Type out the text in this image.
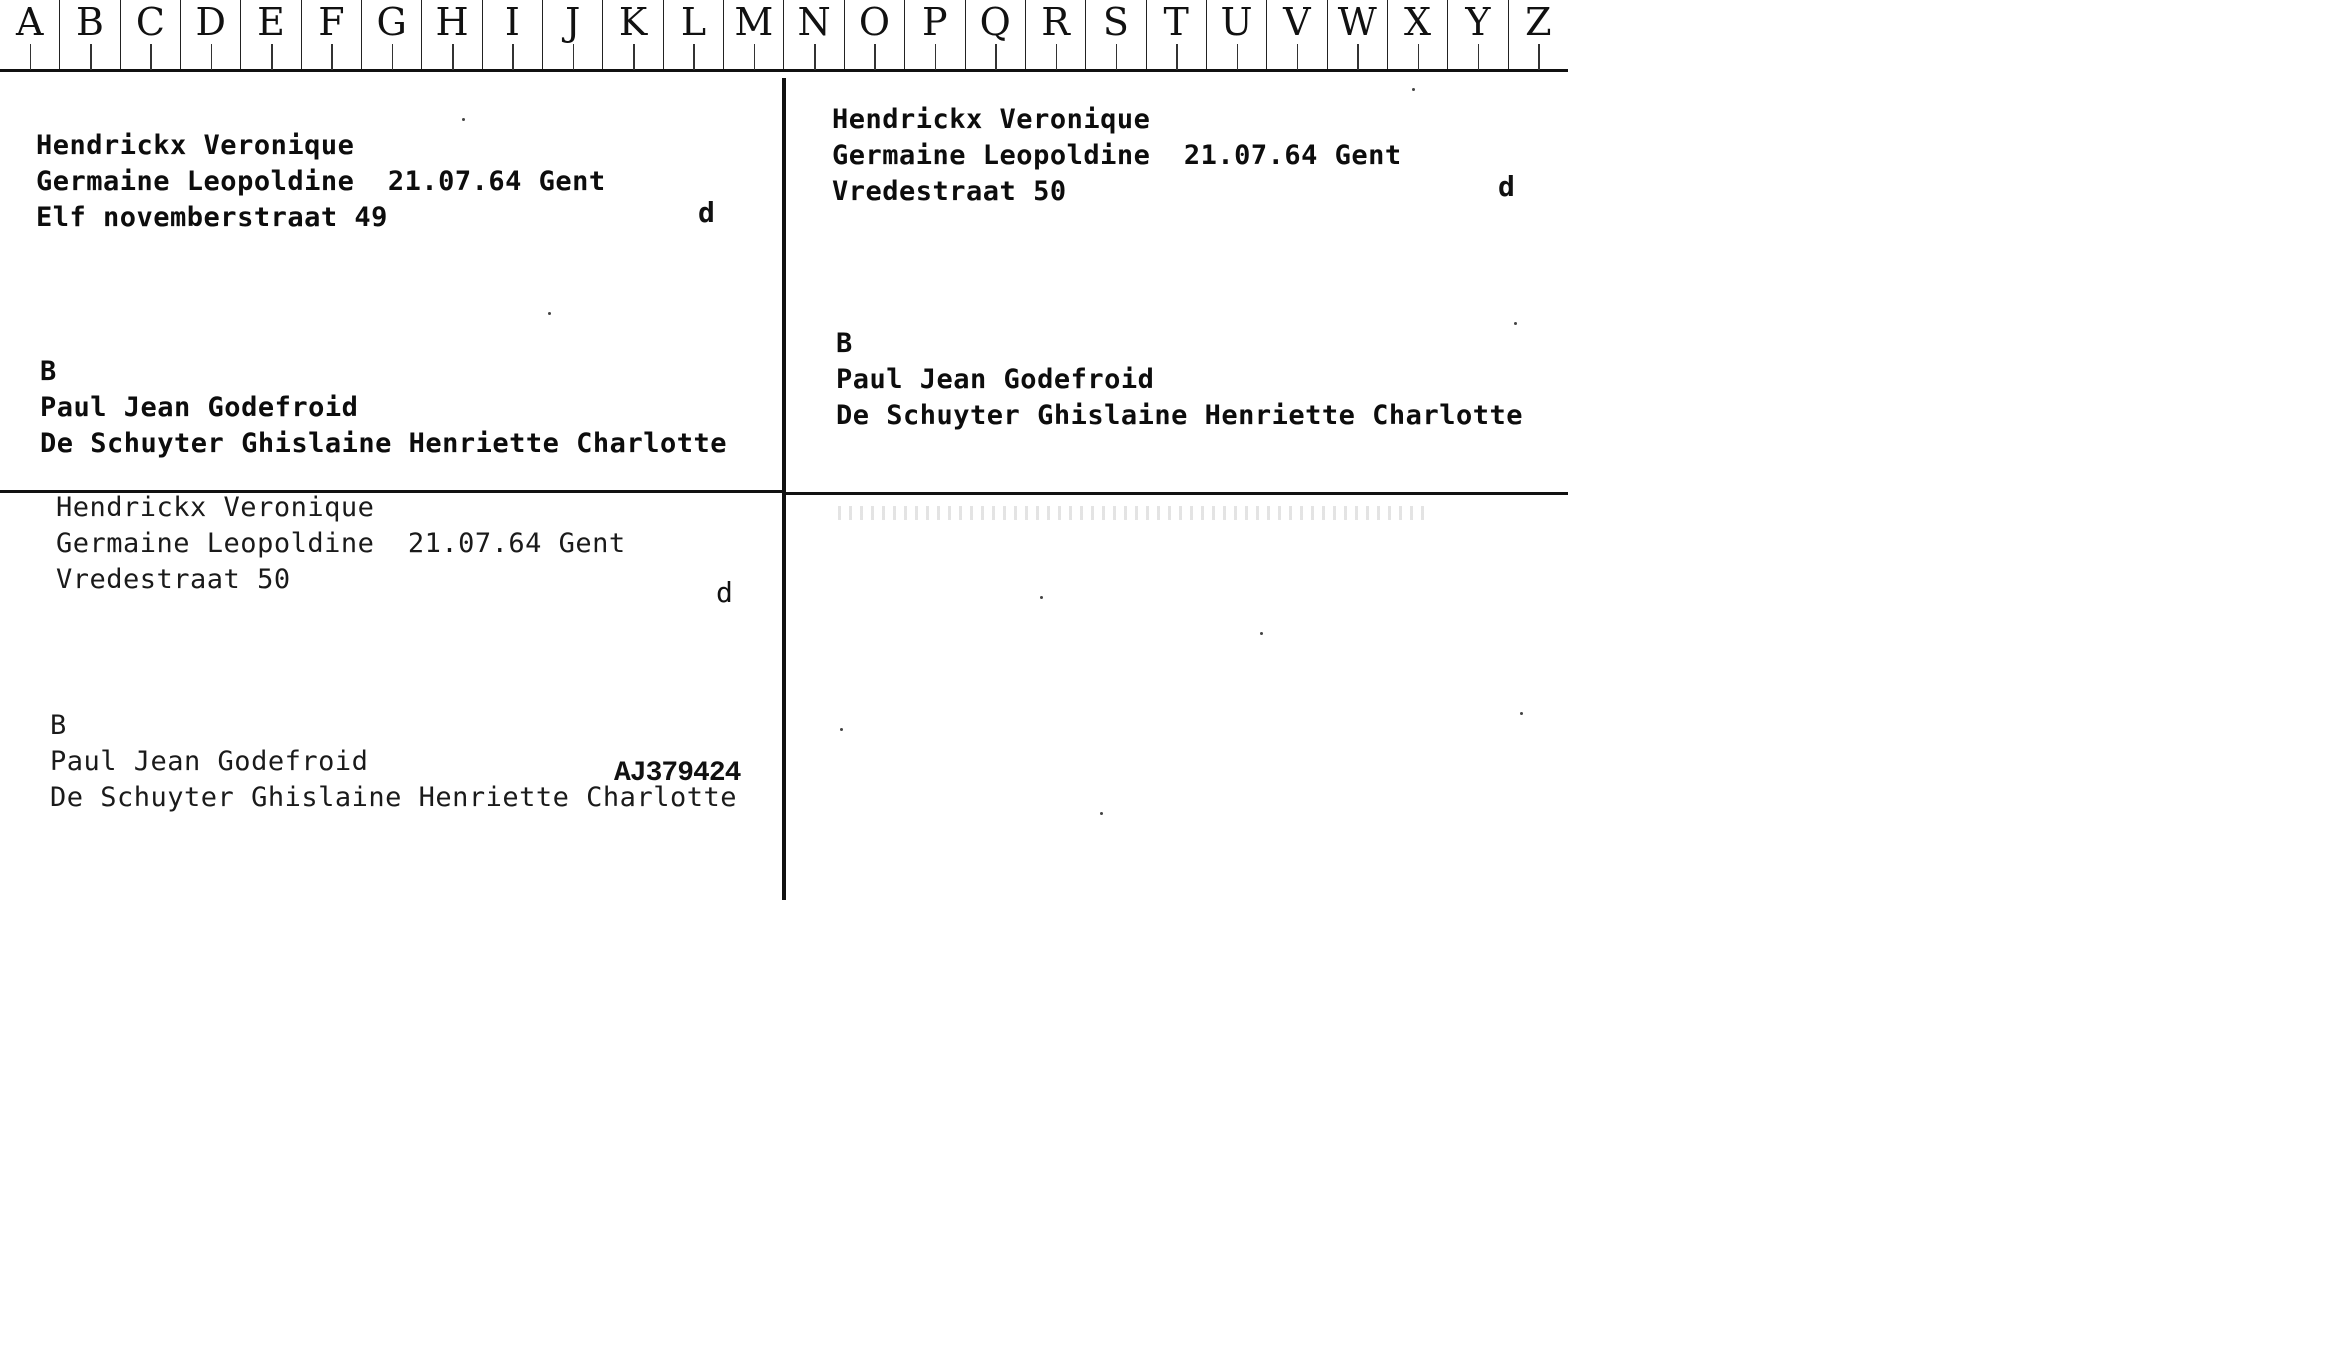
A B C D E F G H I	J	K L M N O P Q R S T U V W X Y Z
Hendrickx Veronique
Germaine Leopoldine  21.07.64 Gent
Elf novemberstraat 49	d
B
Paul Jean Godefroid
De Schuyter Ghislaine Henriette Charlotte
Hendrickx Veronique
Germaine Leopoldine  21.07.64 Gent
Vredestraat 50	d
B
Paul Jean Godefroid
De Schuyter Ghislaine Henriette Charlotte
Hendrickx Veronique
Germaine Leopoldine  21.07.64 Gent
Vredestraat 50	d
B
Paul Jean Godefroid
De Schuyter Ghislaine Henriette Charlotte
AJ379424
